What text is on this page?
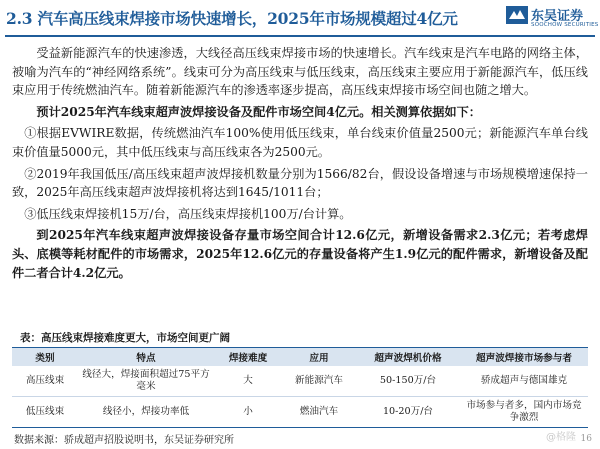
2.3 汽车高压线束焊接市场快速增长，2025年市场规模超过4亿元	东吴证券
SOOCHOW SECURITIES

受益新能源汽车的快速渗透，大线径高压线束焊接市场的快速增长。汽车线束是汽车电路的网络主体，被喻为汽车的“神经网络系统”。线束可分为高压线束与低压线束，高压线束主要应用于新能源汽车，低压线束应用于传统燃油汽车。随着新能源汽车的渗透率逐步提高，高压线束焊接市场空间也随之增大。

预计2025年汽车线束超声波焊接设备及配件市场空间4亿元。相关测算依据如下：

①根据EVWIRE数据，传统燃油汽车100%使用低压线束，单台线束价值量2500元；新能源汽车单台线束价值量5000元，其中低压线束与高压线束各为2500元。

②2019年我国低压/高压线束超声波焊接机数量分别为1566/82台，假设设备增速与市场规模增速保持一致，2025年高压线束超声波焊接机将达到1645/1011台；

③低压线束焊接机15万/台，高压线束焊接机100万/台计算。

到2025年汽车线束超声波焊接设备存量市场空间合计12.6亿元，新增设备需求2.3亿元；若考虑焊头、底模等耗材配件的市场需求，2025年12.6亿元的存量设备将产生1.9亿元的配件需求，新增设备及配件二者合计4.2亿元。

表：高压线束焊接难度更大，市场空间更广阔
类别	特点	焊接难度	应用	超声波焊机价格	超声波焊接市场参与者
高压线束	线径大，焊接面积超过75平方毫米	大	新能源汽车	50-150万/台	骄成超声与德国雄克
低压线束	线径小，焊接功率低	小	燃油汽车	10-20万/台	市场参与者多，国内市场竞争激烈
数据来源：骄成超声招股说明书，东吴证券研究所	@格隆 16
